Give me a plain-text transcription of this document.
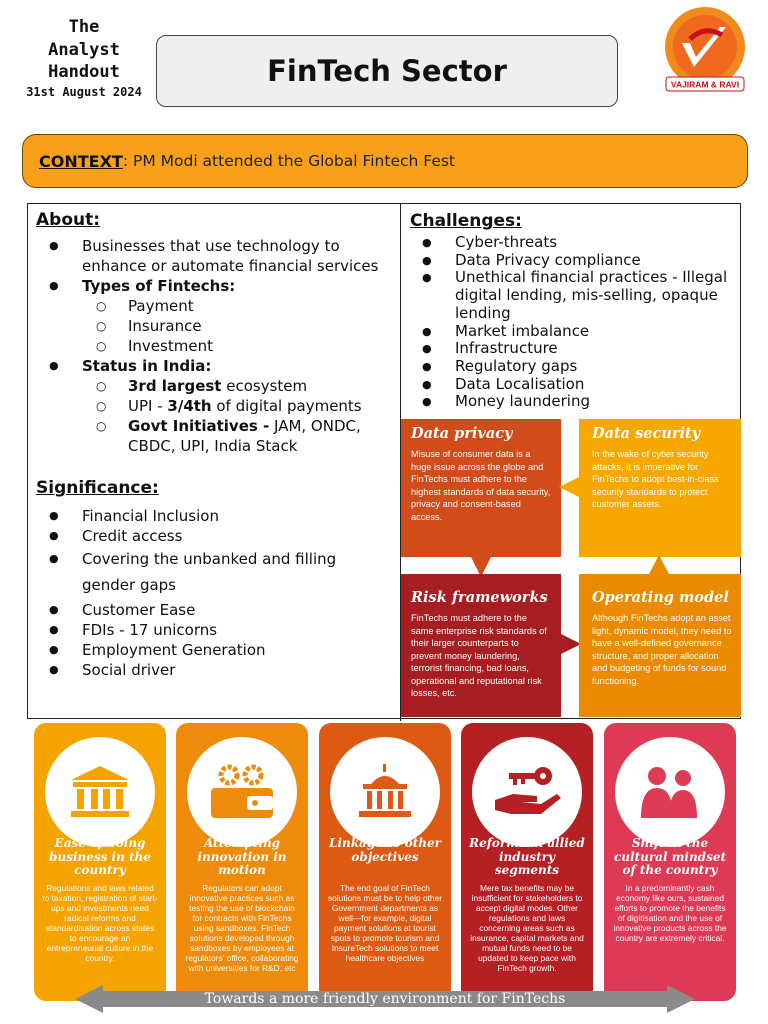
The
Analyst
Handout
31st August 2024
FinTech Sector	VAJIRAM & RAVI
CONTEXT : PM Modi attended the Global Fintech Fest
About:
● Businesses that use technology to enhance or automate financial services
● Types of Fintechs:
○ Payment
○ Insurance
○ Investment
● Status in India:
○ 3rd largest ecosystem
○ UPI - 3/4th of digital payments
○ Govt Initiatives - JAM, ONDC, CBDC, UPI, India Stack
Significance:
● Financial Inclusion
● Credit access
● Covering the unbanked and filling gender gaps
● Customer Ease
● FDIs - 17 unicorns
● Employment Generation
● Social driver
Challenges:
● Cyber-threats
● Data Privacy compliance
● Unethical financial practices - Illegal digital lending, mis-selling, opaque lending
● Market imbalance
● Infrastructure
● Regulatory gaps
● Data Localisation
● Money laundering
Data privacy
Misuse of consumer data is a huge issue across the globe and FinTechs must adhere to the highest standards of data security, privacy and consent-based access.
Data security
In the wake of cyber security attacks, it is imperative for FinTechs to adopt best-in-class security standards to protect customer assets.
Risk frameworks
FinTechs must adhere to the same enterprise risk standards of their larger counterparts to prevent money laundering, terrorist financing, bad loans, operational and reputational risk losses, etc.
Operating model
Although FinTechs adopt an asset light, dynamic model, they need to have a well-defined governance structure, and proper allocation and budgeting of funds for sound functioning.
Ease of doing business in the country
Regulations and laws related to taxation, registration of start-ups and investments need radical reforms and standardisation across states to encourage an entrepreneurial culture in the country.
Attempting innovation in motion
Regulators can adopt innovative practices such as testing the use of blockchain for contracts with FinTechs using sandboxes. FinTech solutions developed through sandboxes by employees at regulators' office, collaborating with universities for R&D, etc
Linkage to other objectives
The end goal of FinTech solutions must be to help other Government departments as well—for example, digital payment solutions at tourist spots to promote tourism and InsureTech solutions to meet healthcare objectives
Reforms in allied industry segments
Mere tax benefits may be insufficient for stakeholders to accept digital modes. Other regulations and laws concerning areas such as insurance, capital markets and mutual funds need to be updated to keep pace with FinTech growth.
Shift in the cultural mindset of the country
In a predominantly cash economy like ours, sustained efforts to promote the benefits of digitisation and the use of innovative products across the country are extremely critical.
Towards a more friendly environment for FinTechs
